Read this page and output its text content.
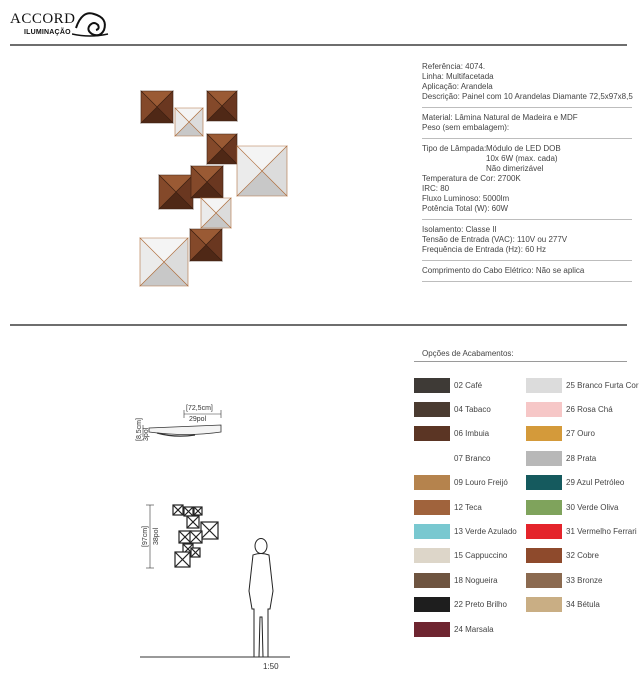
ACCORD
ILUMINAÇÃO
Referência: 4074.
Linha: Multifacetada
Aplicação: Arandela
Descrição: Painel com 10 Arandelas Diamante 72,5x97x8,5
Material: Lâmina Natural de Madeira e MDF
Peso (sem embalagem):
Tipo de Lâmpada: Módulo de LED DOB
10x 6W (max. cada)
Não dimerizável
Temperatura de Cor: 2700K
IRC: 80
Fluxo Luminoso: 5000lm
Potência Total (W): 60W
Isolamento: Classe II
Tensão de Entrada (VAC): 110V ou 277V
Frequência de Entrada (Hz): 60 Hz
Comprimento do Cabo Elétrico: Não se aplica
[72,5cm]
29pol
[8,5cm] 3pol
[97cm] 38pol
1:50
Opções de Acabamentos:
02 Café
04 Tabaco
06 Imbuia
07 Branco
09 Louro Freijó
12 Teca
13 Verde Azulado
15 Cappuccino
18 Nogueira
22 Preto Brilho
24 Marsala
25 Branco Furta Cor
26 Rosa Chá
27 Ouro
28 Prata
29 Azul Petróleo
30 Verde Oliva
31 Vermelho Ferrari
32 Cobre
33 Bronze
34 Bétula
